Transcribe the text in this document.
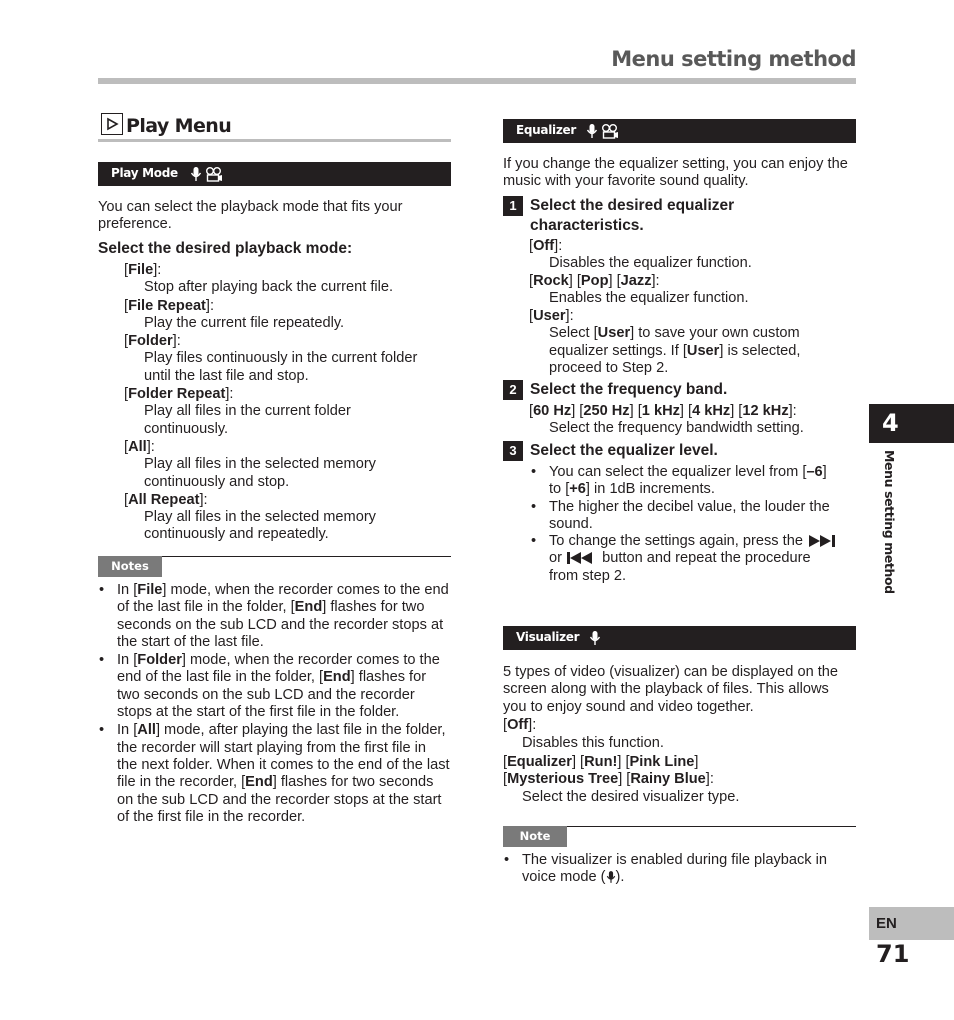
Menu setting method
Play Menu
Play Mode
You can select the playback mode that fits your preference.
Select the desired playback mode:

[File]:

Stop after playing back the current file.

[File Repeat]:

Play the current file repeatedly.

[Folder]:

Play files continuously in the current folder

until the last file and stop.

[Folder Repeat]:

Play all files in the current folder

continuously.

[All]:

Play all files in the selected memory

continuously and stop.

[All Repeat]:

Play all files in the selected memory

continuously and repeatedly.

Notes
• In [File] mode, when the recorder comes to the end of the last file in the folder, [End] flashes for two seconds on the sub LCD and the recorder stops at the start of the last file.
• In [Folder] mode, when the recorder comes to the end of the last file in the folder, [End] flashes for two seconds on the sub LCD and the recorder stops at the start of the first file in the folder.
• In [All] mode, after playing the last file in the folder, the recorder will start playing from the first file in the next folder. When it comes to the end of the last file in the recorder, [End] flashes for two seconds on the sub LCD and the recorder stops at the start of the first file in the recorder.
Equalizer
If you change the equalizer setting, you can enjoy the music with your favorite sound quality.
1 Select the desired equalizer characteristics.

[Off]:

Disables the equalizer function.

[Rock] [Pop] [Jazz]:

Enables the equalizer function.

[User]:

Select [User] to save your own custom

equalizer settings. If [User] is selected,

proceed to Step 2.

2 Select the frequency band.

[60 Hz] [250 Hz] [1 kHz] [4 kHz] [12 kHz]:

Select the frequency bandwidth setting.

3 Select the equalizer level.
• You can select the equalizer level from [–6]
to [+6] in 1dB increments.
• The higher the decibel value, the louder the sound.
• To change the settings again, press the

or	button and repeat the procedure
from step 2.
Visualizer
5 types of video (visualizer) can be displayed on the screen along with the playback of files. This allows you to enjoy sound and video together.

[Off]:

Disables this function.

[Equalizer] [Run!] [Pink Line]

[Mysterious Tree] [Rainy Blue]:

Select the desired visualizer type.

Note
• The visualizer is enabled during file playback in
voice mode ( ).
4
Menu setting method
EN
71
